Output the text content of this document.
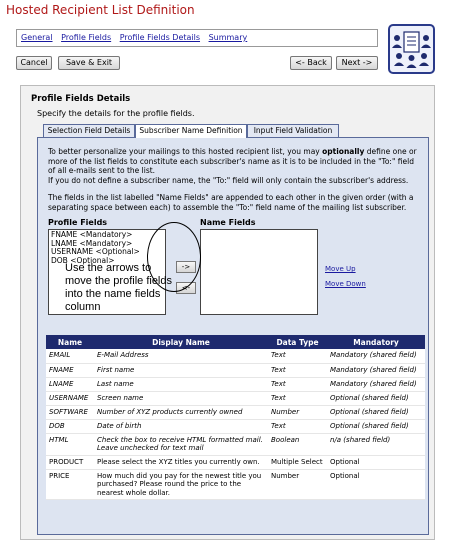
Hosted Recipient List Definition
General Profile Fields Profile Fields Details Summary
Cancel	Save & Exit	<- Back	Next ->
Profile Fields Details
Specify the details for the profile fields.
Selection Field Details	Subscriber Name Definition	Input Field Validation
To better personalize your mailings to this hosted recipient list, you may optionally define one or more of the list fields to constitute each subscriber's name as it is to be included in the "To:" field of all e-mails sent to the list.
If you do not define a subscriber name, the "To:" field will only contain the subscriber's address.
The fields in the list labelled "Name Fields" are appended to each other in the given order (with a separating space between each) to assemble the "To:" field name of the mailing list subscriber.
Profile Fields	Name Fields
FNAME <Mandatory>
LNAME <Mandatory>
USERNAME <Optional>
DOB <Optional>
->
<-
Move Up
Move Down
Use the arrows to move the profile fields into the name fields column
Name	Display Name	Data Type	Mandatory
EMAIL	E-Mail Address	Text	Mandatory (shared field)
FNAME	First name	Text	Mandatory (shared field)
LNAME	Last name	Text	Mandatory (shared field)
USERNAME	Screen name	Text	Optional (shared field)
SOFTWARE	Number of XYZ products currently owned	Number	Optional (shared field)
DOB	Date of birth	Text	Optional (shared field)
HTML	Check the box to receive HTML formatted mail. Leave unchecked for text mail	Boolean	n/a (shared field)
PRODUCT	Please select the XYZ titles you currently own.	Multiple Select	Optional
PRICE	How much did you pay for the newest title you purchased? Please round the price to the nearest whole dollar.	Number	Optional
